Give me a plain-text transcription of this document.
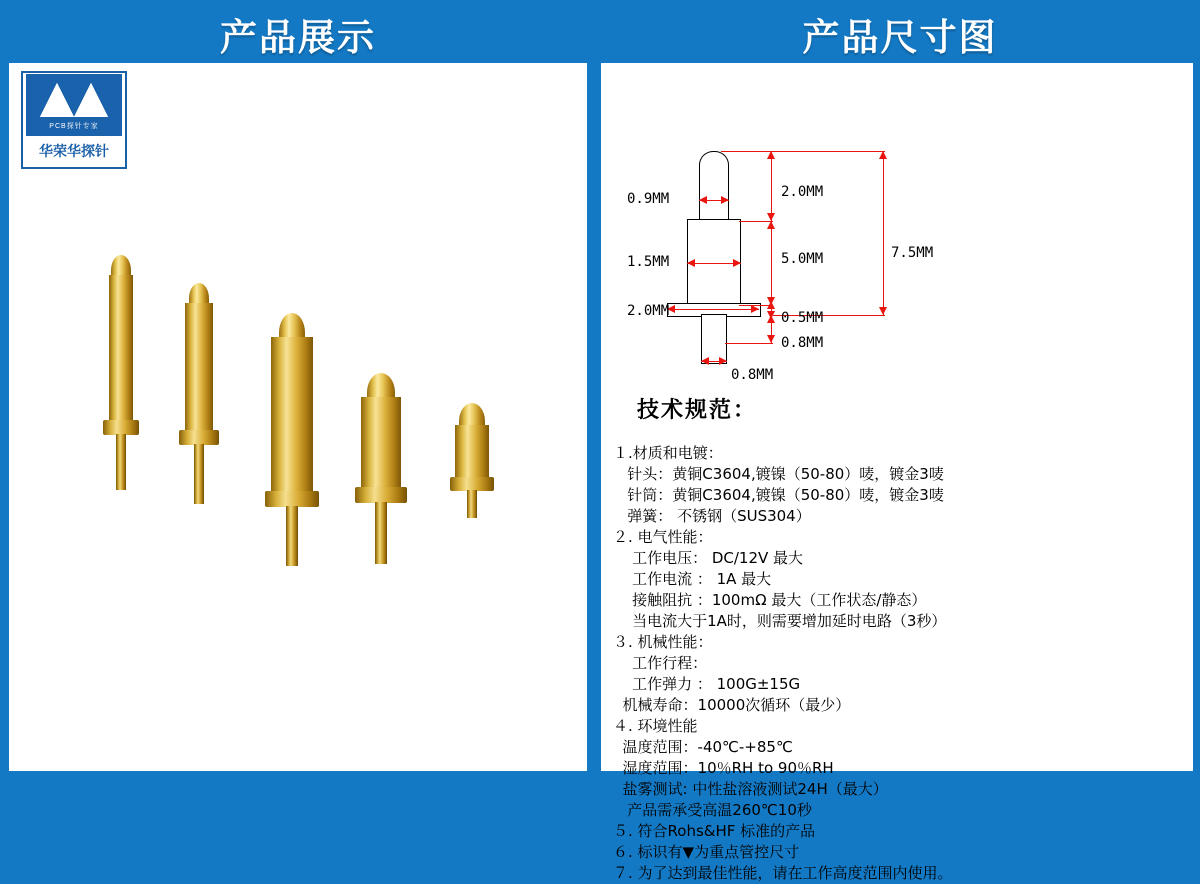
产品展示	产品尺寸图
PCB探针专家
华荣华探针
0.9MM	2.0MM
1.5MM	5.0MM	7.5MM
2.0MM	0.5MM
0.8MM
0.8MM
技术规范：
１.材质和电镀：
针头：黄铜C3604,镀镍（50-80）唛，镀金3唛
针筒：黄铜C3604,镀镍（50-80）唛，镀金3唛
弹簧： 不锈钢（SUS304）
２. 电气性能：
工作电压： DC/12V 最大
工作电流 ： 1A 最大
接触阻抗 ：100mΩ 最大（工作状态/静态）
当电流大于1A时，则需要增加延时电路（3秒）
３. 机械性能：
工作行程：
工作弹力 ： 100G±15G
机械寿命：10000次循环（最少）
４. 环境性能
温度范围：-40℃-+85℃
湿度范围：10％RH to 90％RH
盐雾测试: 中性盐溶液测试24H（最大）
产品需承受高温260℃10秒
５. 符合Rohs&HF 标准的产品
６. 标识有▼为重点管控尺寸
７. 为了达到最佳性能，请在工作高度范围内使用。
